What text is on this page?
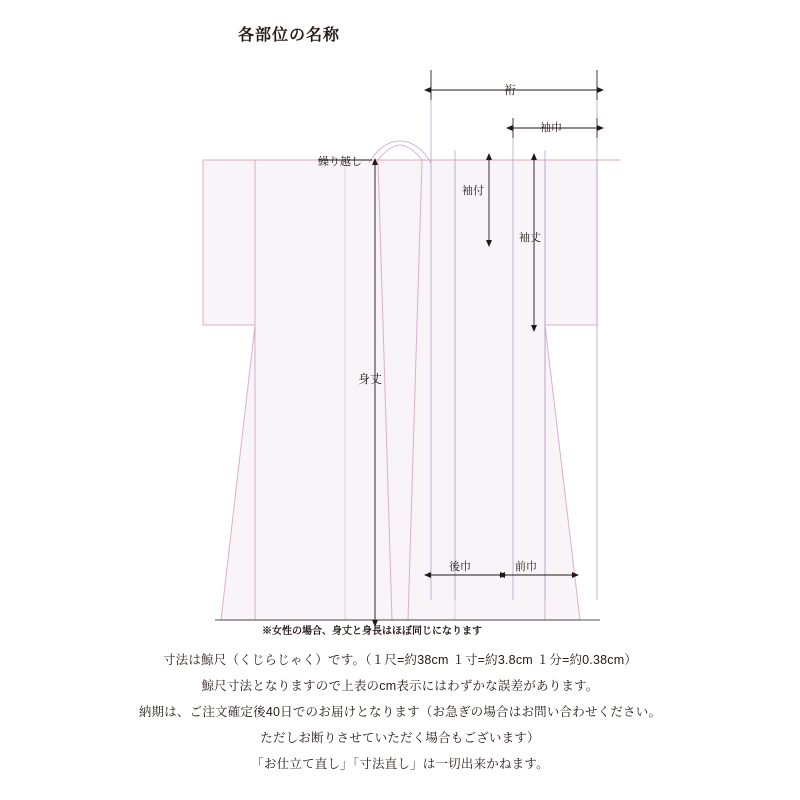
各部位の名称
裄
袖巾
繰り越し
袖付
袖丈
身丈
後巾	前巾
※女性の場合、身丈と身長はほぼ同じになります

寸法は鯨尺（くじらじゃく）です。（１尺=約38cm １寸=約3.8cm １分=約0.38cm）

鯨尺寸法となりますので上表のcm表示にはわずかな誤差があります。

納期は、ご注文確定後40日でのお届けとなります（お急ぎの場合はお問い合わせください。

ただしお断りさせていただく場合もございます）

「お仕立て直し」「寸法直し」は一切出来かねます。
